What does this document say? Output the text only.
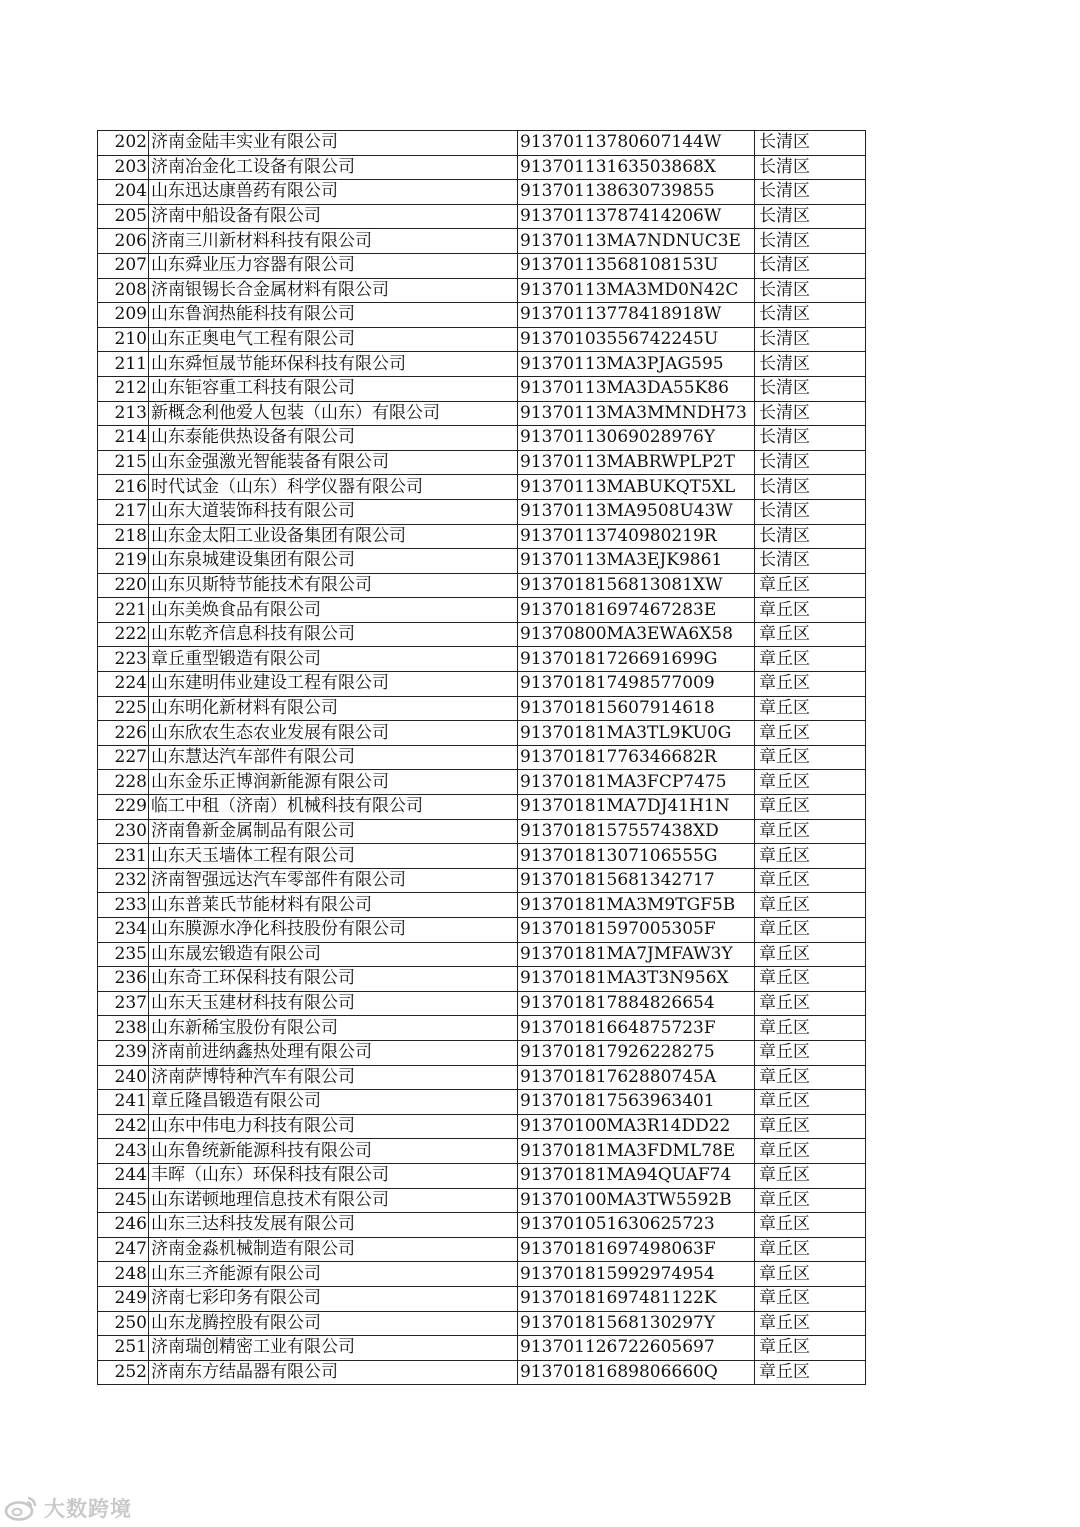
202	济南金陆丰实业有限公司	91370113780607144W	长清区
203	济南冶金化工设备有限公司	91370113163503868X	长清区
204	山东迅达康兽药有限公司	913701138630739855	长清区
205	济南中船设备有限公司	91370113787414206W	长清区
206	济南三川新材料科技有限公司	91370113MA7NDNUC3E	长清区
207	山东舜业压力容器有限公司	91370113568108153U	长清区
208	济南银锡长合金属材料有限公司	91370113MA3MD0N42C	长清区
209	山东鲁润热能科技有限公司	91370113778418918W	长清区
210	山东正奥电气工程有限公司	91370103556742245U	长清区
211	山东舜恒晟节能环保科技有限公司	91370113MA3PJAG595	长清区
212	山东钜容重工科技有限公司	91370113MA3DA55K86	长清区
213	新概念利他爱人包装（山东）有限公司	91370113MA3MMNDH73	长清区
214	山东泰能供热设备有限公司	91370113069028976Y	长清区
215	山东金强激光智能装备有限公司	91370113MABRWPLP2T	长清区
216	时代试金（山东）科学仪器有限公司	91370113MABUKQT5XL	长清区
217	山东大道装饰科技有限公司	91370113MA9508U43W	长清区
218	山东金太阳工业设备集团有限公司	91370113740980219R	长清区
219	山东泉城建设集团有限公司	91370113MA3EJK9861	长清区
220	山东贝斯特节能技术有限公司	9137018156813081XW	章丘区
221	山东美焕食品有限公司	91370181697467283E	章丘区
222	山东乾齐信息科技有限公司	91370800MA3EWA6X58	章丘区
223	章丘重型锻造有限公司	91370181726691699G	章丘区
224	山东建明伟业建设工程有限公司	913701817498577009	章丘区
225	山东明化新材料有限公司	913701815607914618	章丘区
226	山东欣农生态农业发展有限公司	91370181MA3TL9KU0G	章丘区
227	山东慧达汽车部件有限公司	91370181776346682R	章丘区
228	山东金乐正博润新能源有限公司	91370181MA3FCP7475	章丘区
229	临工中租（济南）机械科技有限公司	91370181MA7DJ41H1N	章丘区
230	济南鲁新金属制品有限公司	9137018157557438XD	章丘区
231	山东天玉墙体工程有限公司	91370181307106555G	章丘区
232	济南智强远达汽车零部件有限公司	913701815681342717	章丘区
233	山东普莱氏节能材料有限公司	91370181MA3M9TGF5B	章丘区
234	山东膜源水净化科技股份有限公司	91370181597005305F	章丘区
235	山东晟宏锻造有限公司	91370181MA7JMFAW3Y	章丘区
236	山东奇工环保科技有限公司	91370181MA3T3N956X	章丘区
237	山东天玉建材科技有限公司	913701817884826654	章丘区
238	山东新稀宝股份有限公司	91370181664875723F	章丘区
239	济南前进纳鑫热处理有限公司	913701817926228275	章丘区
240	济南萨博特种汽车有限公司	91370181762880745A	章丘区
241	章丘隆昌锻造有限公司	913701817563963401	章丘区
242	山东中伟电力科技有限公司	91370100MA3R14DD22	章丘区
243	山东鲁统新能源科技有限公司	91370181MA3FDML78E	章丘区
244	丰晖（山东）环保科技有限公司	91370181MA94QUAF74	章丘区
245	山东诺顿地理信息技术有限公司	91370100MA3TW5592B	章丘区
246	山东三达科技发展有限公司	913701051630625723	章丘区
247	济南金淼机械制造有限公司	91370181697498063F	章丘区
248	山东三齐能源有限公司	913701815992974954	章丘区
249	济南七彩印务有限公司	91370181697481122K	章丘区
250	山东龙腾控股有限公司	91370181568130297Y	章丘区
251	济南瑞创精密工业有限公司	913701126722605697	章丘区
252	济南东方结晶器有限公司	91370181689806660Q	章丘区
大数跨境
